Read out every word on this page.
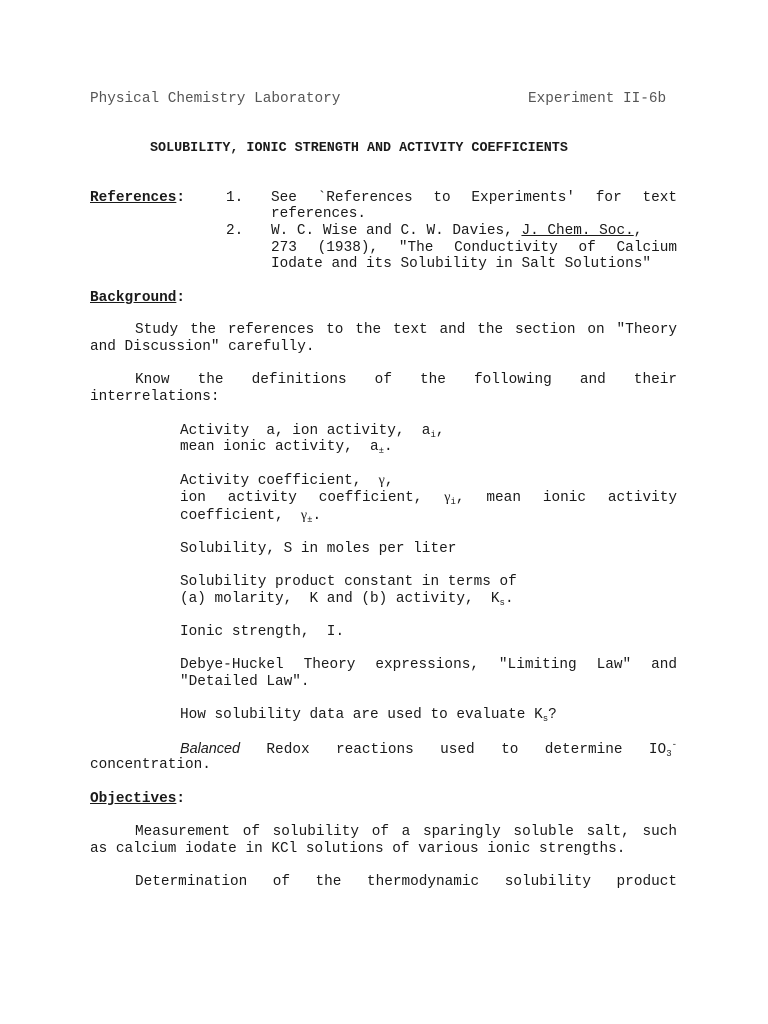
Physical Chemistry Laboratory	Experiment II-6b
SOLUBILITY, IONIC STRENGTH AND ACTIVITY COEFFICIENTS
References:	1. See `References to Experiments' for text
references.
2. W. C. Wise and C. W. Davies, J. Chem. Soc.,
273 (1938), "The Conductivity of Calcium
Iodate and its Solubility in Salt Solutions"
Background:
Study the references to the text and the section on "Theory
and Discussion" carefully.
Know the definitions of the following and their
interrelations:
Activity  a, ion activity,  $a_i$,
mean ionic activity,  $a_\pm$.
Activity coefficient,  γ,
ion activity coefficient, $\gamma_i$, mean ionic activity
coefficient,  $\gamma_\pm$.
Solubility, S in moles per liter
Solubility product constant in terms of
(a) molarity,  K and (b) activity,  $K_s$.
Ionic strength,  I.
Debye-Huckel Theory expressions, "Limiting Law" and
"Detailed Law".
How solubility data are used to evaluate $K_s$?
Balanced Redox reactions used to determine $IO_3^-$
concentration.
Objectives:
Measurement of solubility of a sparingly soluble salt, such
as calcium iodate in KCl solutions of various ionic strengths.
Determination of the thermodynamic solubility product
